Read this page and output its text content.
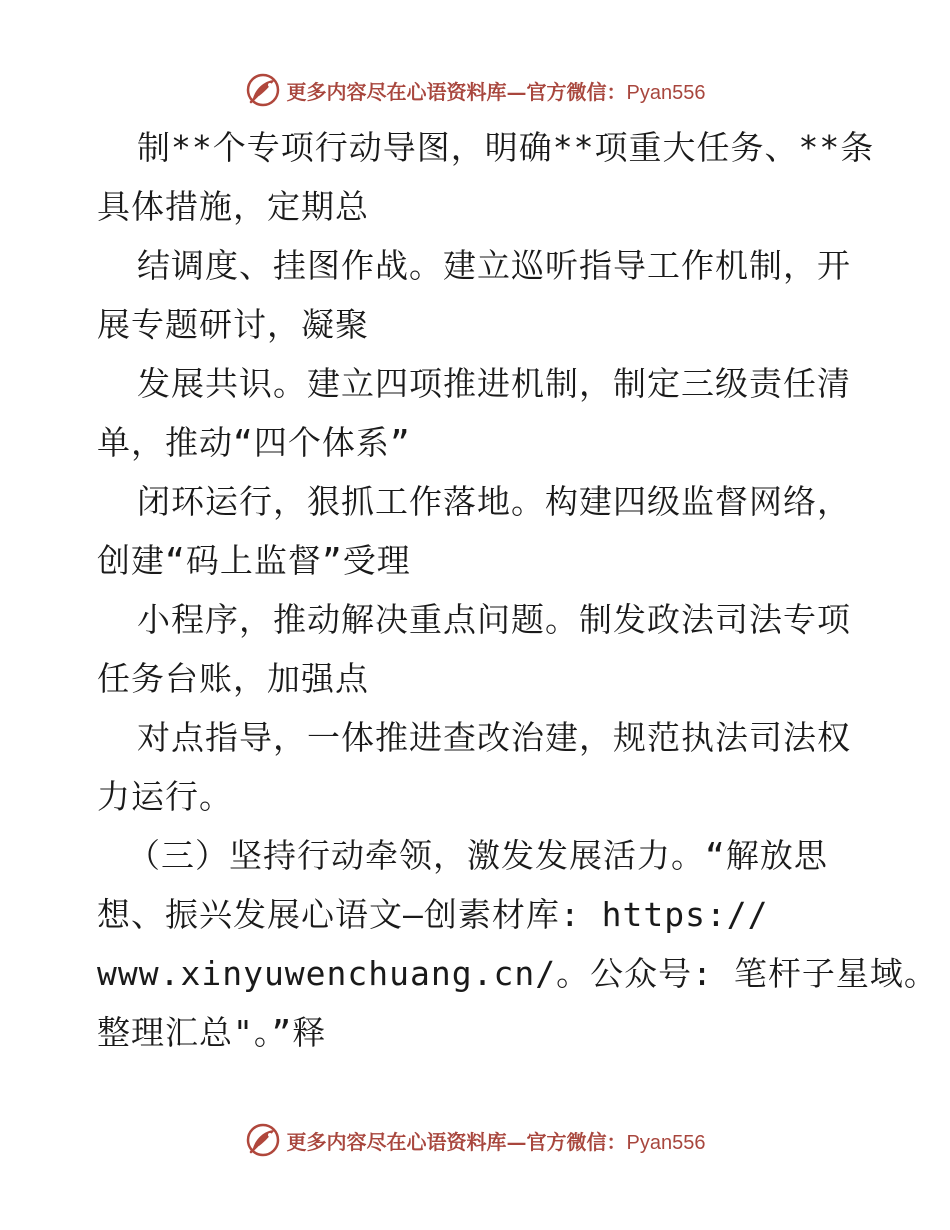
更多内容尽在心语资料库—官方微信：Pyan556
制**个专项行动导图，明确**项重大任务、**条
具体措施，定期总
结调度、挂图作战。建立巡听指导工作机制，开
展专题研讨，凝聚
发展共识。建立四项推进机制，制定三级责任清
单，推动“四个体系”
闭环运行，狠抓工作落地。构建四级监督网络，
创建“码上监督”受理
小程序，推动解决重点问题。制发政法司法专项
任务台账，加强点
对点指导，一体推进查改治建，规范执法司法权
力运行。
（三）坚持行动牵领，激发发展活力。“解放思
想、振兴发展心语文—创素材库: https://
www.xinyuwenchuang.cn/。公众号: 笔杆子星域。
整理汇总"。”释
更多内容尽在心语资料库—官方微信：Pyan556
